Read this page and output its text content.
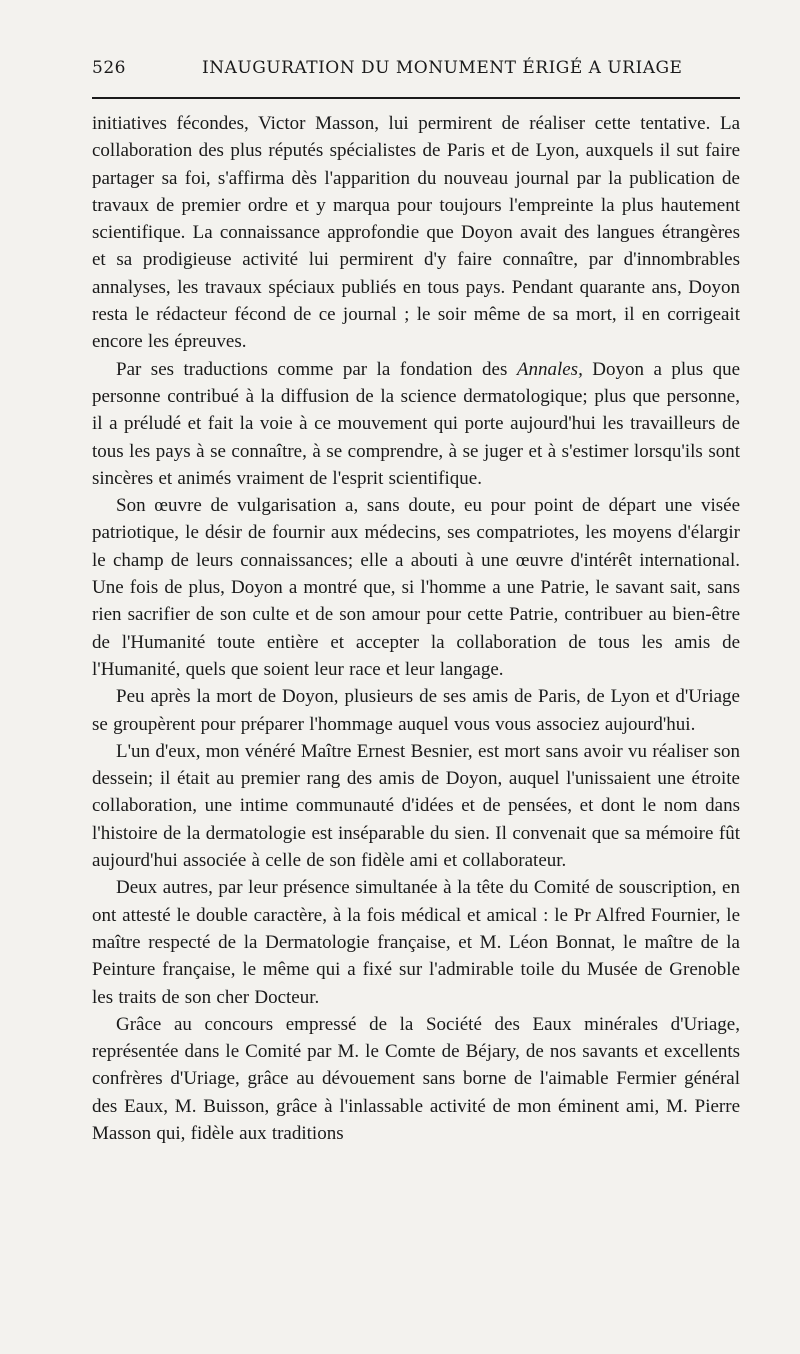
526	INAUGURATION DU MONUMENT ÉRIGÉ A URIAGE

initiatives fécondes, Victor Masson, lui permirent de réaliser cette tentative. La collaboration des plus réputés spécialistes de Paris et de Lyon, auxquels il sut faire partager sa foi, s'affirma dès l'apparition du nouveau journal par la publication de travaux de premier ordre et y marqua pour toujours l'empreinte la plus hautement scientifique. La connaissance approfondie que Doyon avait des langues étrangères et sa prodigieuse activité lui permirent d'y faire connaître, par d'innombrables annalyses, les travaux spéciaux publiés en tous pays. Pendant quarante ans, Doyon resta le rédacteur fécond de ce journal ; le soir même de sa mort, il en corrigeait encore les épreuves.

Par ses traductions comme par la fondation des Annales, Doyon a plus que personne contribué à la diffusion de la science dermatologique; plus que personne, il a préludé et fait la voie à ce mouvement qui porte aujourd'hui les travailleurs de tous les pays à se connaître, à se comprendre, à se juger et à s'estimer lorsqu'ils sont sincères et animés vraiment de l'esprit scientifique.

Son œuvre de vulgarisation a, sans doute, eu pour point de départ une visée patriotique, le désir de fournir aux médecins, ses compatriotes, les moyens d'élargir le champ de leurs connaissances; elle a abouti à une œuvre d'intérêt international. Une fois de plus, Doyon a montré que, si l'homme a une Patrie, le savant sait, sans rien sacrifier de son culte et de son amour pour cette Patrie, contribuer au bien-être de l'Humanité toute entière et accepter la collaboration de tous les amis de l'Humanité, quels que soient leur race et leur langage.

Peu après la mort de Doyon, plusieurs de ses amis de Paris, de Lyon et d'Uriage se groupèrent pour préparer l'hommage auquel vous vous associez aujourd'hui.

L'un d'eux, mon vénéré Maître Ernest Besnier, est mort sans avoir vu réaliser son dessein; il était au premier rang des amis de Doyon, auquel l'unissaient une étroite collaboration, une intime communauté d'idées et de pensées, et dont le nom dans l'histoire de la dermatologie est inséparable du sien. Il convenait que sa mémoire fût aujourd'hui associée à celle de son fidèle ami et collaborateur.

Deux autres, par leur présence simultanée à la tête du Comité de souscription, en ont attesté le double caractère, à la fois médical et amical : le Pr Alfred Fournier, le maître respecté de la Dermatologie française, et M. Léon Bonnat, le maître de la Peinture française, le même qui a fixé sur l'admirable toile du Musée de Grenoble les traits de son cher Docteur.

Grâce au concours empressé de la Société des Eaux minérales d'Uriage, représentée dans le Comité par M. le Comte de Béjary, de nos savants et excellents confrères d'Uriage, grâce au dévouement sans borne de l'aimable Fermier général des Eaux, M. Buisson, grâce à l'inlassable activité de mon éminent ami, M. Pierre Masson qui, fidèle aux traditions
